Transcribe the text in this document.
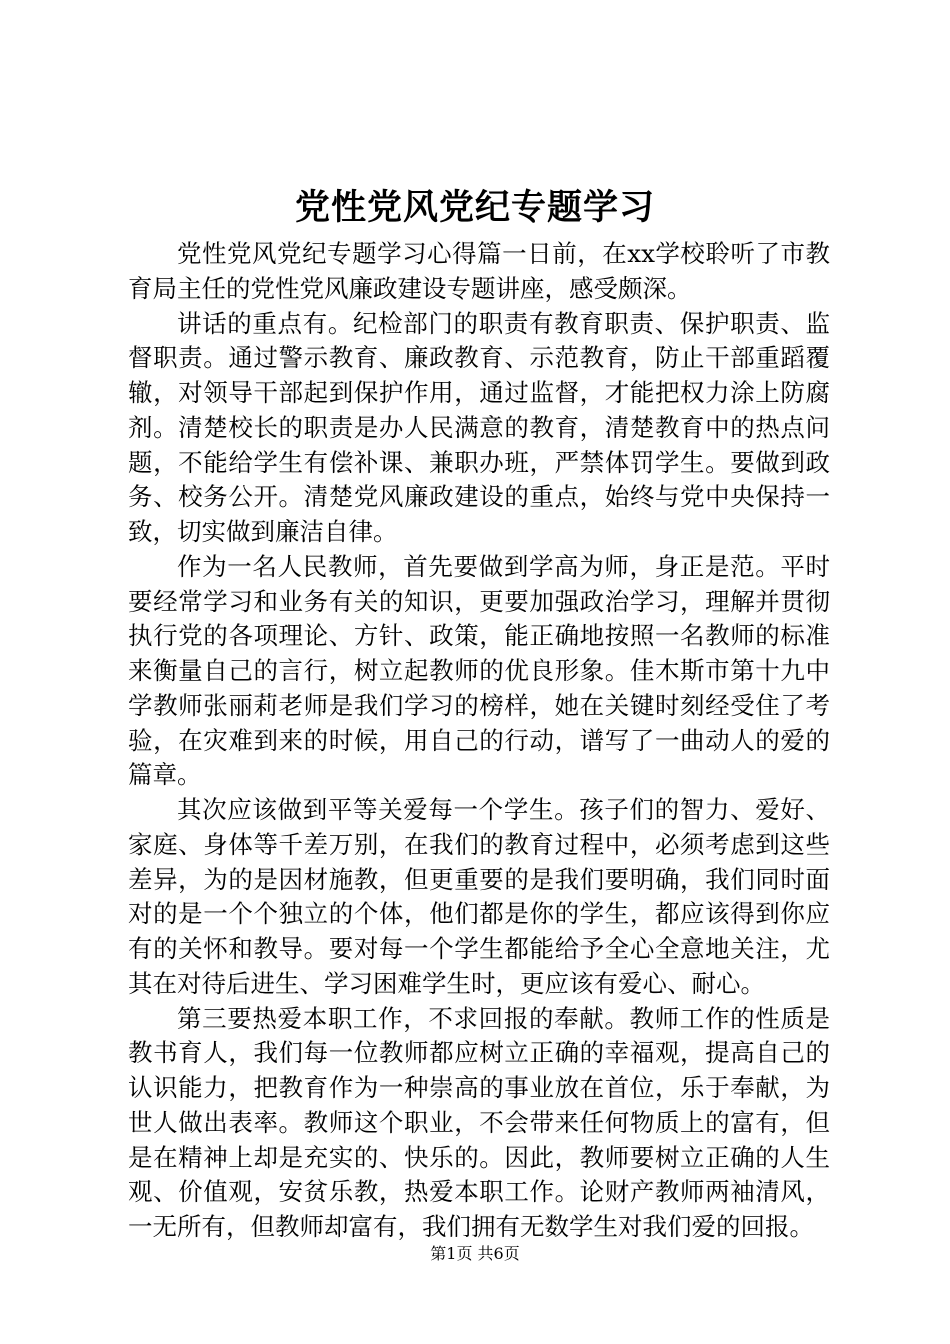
党性党风党纪专题学习

党性党风党纪专题学习心得篇一日前，在xx学校聆听了市教育局主任的党性党风廉政建设专题讲座，感受颇深。

讲话的重点有。纪检部门的职责有教育职责、保护职责、监督职责。通过警示教育、廉政教育、示范教育，防止干部重蹈覆辙，对领导干部起到保护作用，通过监督，才能把权力涂上防腐剂。清楚校长的职责是办人民满意的教育，清楚教育中的热点问题，不能给学生有偿补课、兼职办班，严禁体罚学生。要做到政务、校务公开。清楚党风廉政建设的重点，始终与党中央保持一致，切实做到廉洁自律。

作为一名人民教师，首先要做到学高为师，身正是范。平时要经常学习和业务有关的知识，更要加强政治学习，理解并贯彻执行党的各项理论、方针、政策，能正确地按照一名教师的标准来衡量自己的言行，树立起教师的优良形象。佳木斯市第十九中学教师张丽莉老师是我们学习的榜样，她在关键时刻经受住了考验，在灾难到来的时候，用自己的行动，谱写了一曲动人的爱的篇章。

其次应该做到平等关爱每一个学生。孩子们的智力、爱好、家庭、身体等千差万别，在我们的教育过程中，必须考虑到这些差异，为的是因材施教，但更重要的是我们要明确，我们同时面对的是一个个独立的个体，他们都是你的学生，都应该得到你应有的关怀和教导。要对每一个学生都能给予全心全意地关注，尤其在对待后进生、学习困难学生时，更应该有爱心、耐心。

第三要热爱本职工作，不求回报的奉献。教师工作的性质是教书育人，我们每一位教师都应树立正确的幸福观，提高自己的认识能力，把教育作为一种崇高的事业放在首位，乐于奉献，为世人做出表率。教师这个职业，不会带来任何物质上的富有，但是在精神上却是充实的、快乐的。因此，教师要树立正确的人生观、价值观，安贫乐教，热爱本职工作。论财产教师两袖清风，一无所有，但教师却富有，我们拥有无数学生对我们爱的回报。

第1页 共6页
